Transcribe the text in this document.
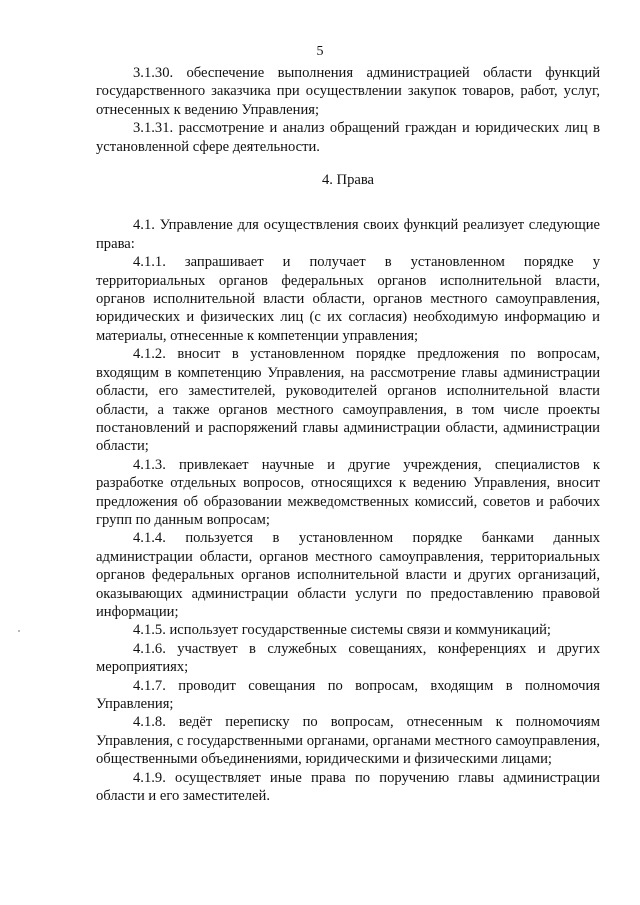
5

3.1.30. обеспечение выполнения администрацией области функций государственного заказчика при осуществлении закупок товаров, работ, услуг, отнесенных к ведению Управления;

3.1.31. рассмотрение и анализ обращений граждан и юридических лиц в установленной сфере деятельности.

4. Права

4.1. Управление для осуществления своих функций реализует следующие права:

4.1.1. запрашивает и получает в установленном порядке у территориальных органов федеральных органов исполнительной власти, органов исполнительной власти области, органов местного самоуправления, юридических и физических лиц (с их согласия) необходимую информацию и материалы, отнесенные к компетенции управления;

4.1.2. вносит в установленном порядке предложения по вопросам, входящим в компетенцию Управления, на рассмотрение главы администрации области, его заместителей, руководителей органов исполнительной власти области, а также органов местного самоуправления, в том числе проекты постановлений и распоряжений главы администрации области, администрации области;

4.1.3. привлекает научные и другие учреждения, специалистов к разработке отдельных вопросов, относящихся к ведению Управления, вносит предложения об образовании межведомственных комиссий, советов и рабочих групп по данным вопросам;

4.1.4. пользуется в установленном порядке банками данных администрации области, органов местного самоуправления, территориальных органов федеральных органов исполнительной власти и других организаций, оказывающих администрации области услуги по предоставлению правовой информации;

4.1.5. использует государственные системы связи и коммуникаций;

4.1.6. участвует в служебных совещаниях, конференциях и других мероприятиях;

4.1.7. проводит совещания по вопросам, входящим в полномочия Управления;

4.1.8. ведёт переписку по вопросам, отнесенным к полномочиям Управления, с государственными органами, органами местного самоуправления, общественными объединениями, юридическими и физическими лицами;

4.1.9. осуществляет иные права по поручению главы администрации области и его заместителей.
